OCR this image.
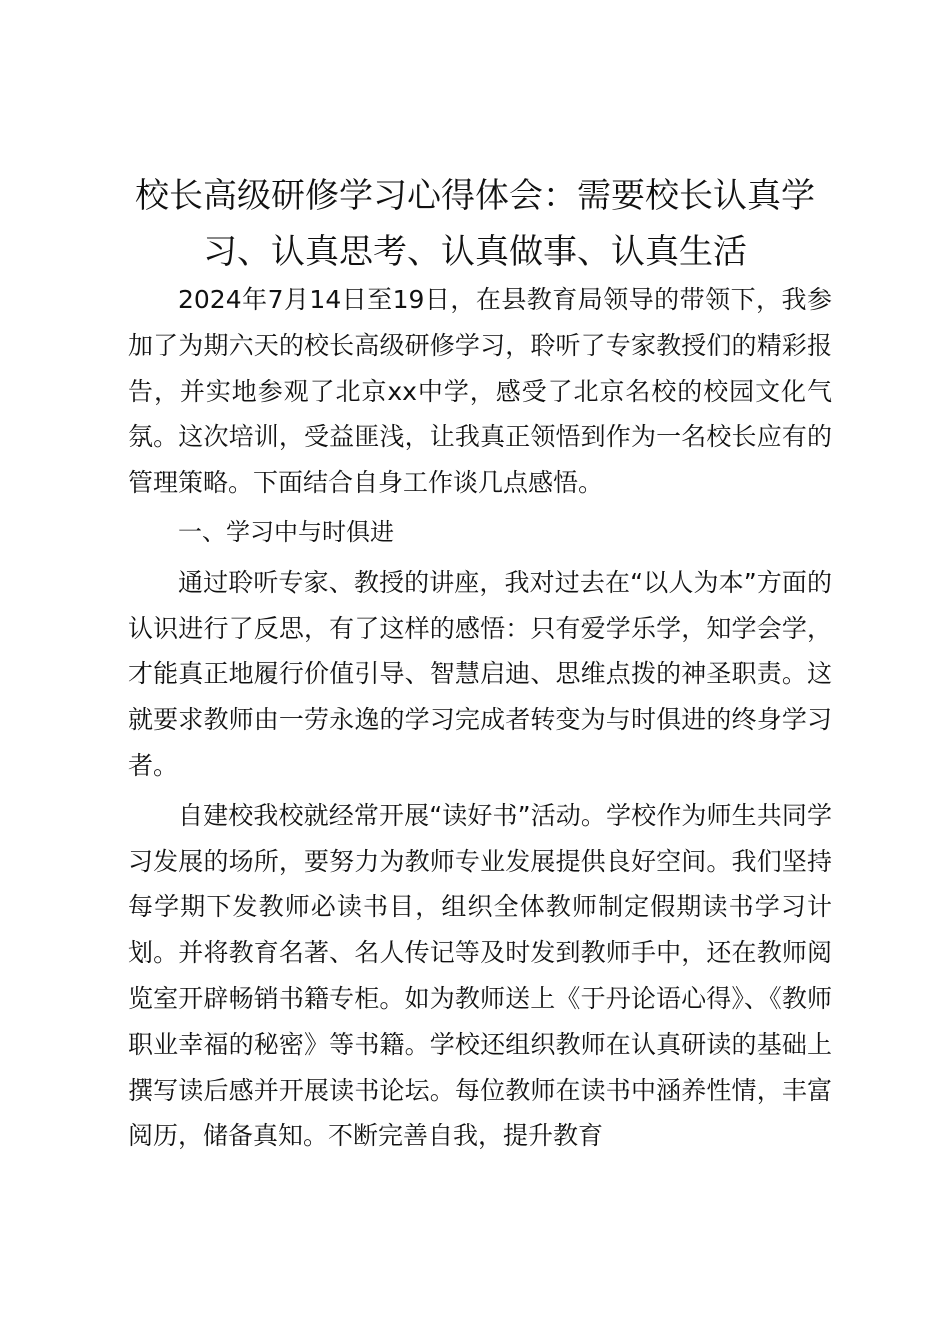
校长高级研修学习心得体会：需要校长认真学习、认真思考、认真做事、认真生活

2024年7月14日至19日，在县教育局领导的带领下，我参加了为期六天的校长高级研修学习，聆听了专家教授们的精彩报告，并实地参观了北京xx中学，感受了北京名校的校园文化气氛。这次培训，受益匪浅，让我真正领悟到作为一名校长应有的管理策略。下面结合自身工作谈几点感悟。

一、学习中与时俱进

通过聆听专家、教授的讲座，我对过去在“以人为本”方面的认识进行了反思，有了这样的感悟：只有爱学乐学，知学会学，才能真正地履行价值引导、智慧启迪、思维点拨的神圣职责。这就要求教师由一劳永逸的学习完成者转变为与时俱进的终身学习者。

自建校我校就经常开展“读好书”活动。学校作为师生共同学习发展的场所，要努力为教师专业发展提供良好空间。我们坚持每学期下发教师必读书目，组织全体教师制定假期读书学习计划。并将教育名著、名人传记等及时发到教师手中，还在教师阅览室开辟畅销书籍专柜。如为教师送上《于丹论语心得》、《教师职业幸福的秘密》等书籍。学校还组织教师在认真研读的基础上撰写读后感并开展读书论坛。每位教师在读书中涵养性情，丰富阅历，储备真知。不断完善自我，提升教育
